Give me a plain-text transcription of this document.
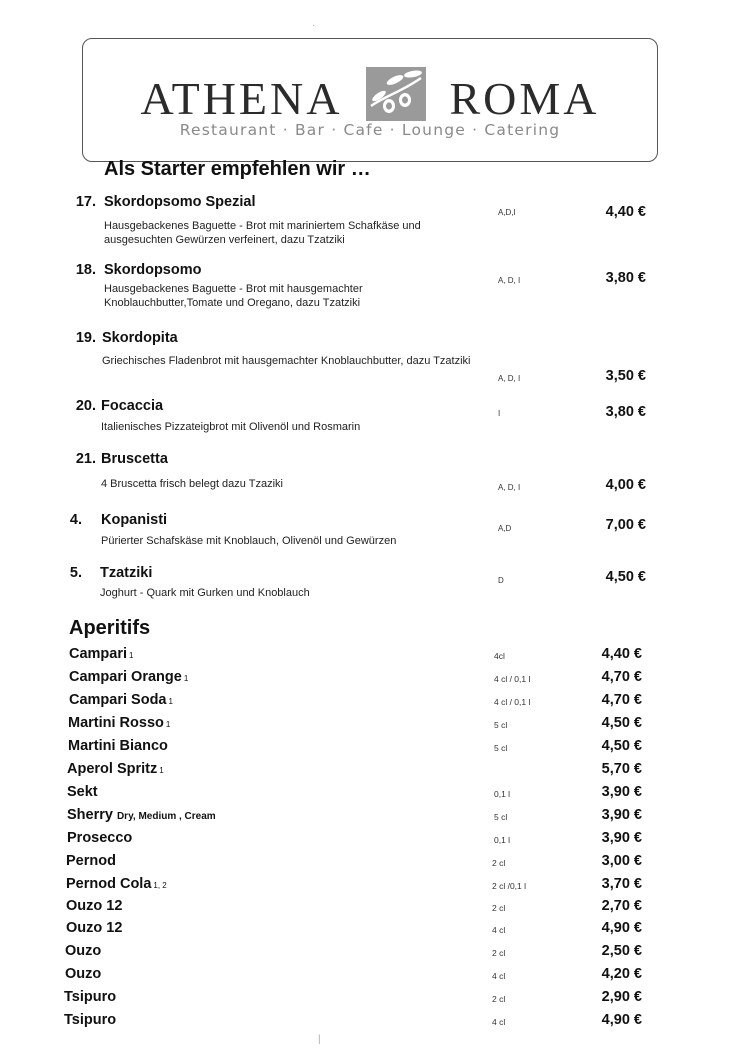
ATHENA ROMA
Restaurant · Bar · Cafe · Lounge · Catering
Als Starter empfehlen wir …
17. Skordopsomo Spezial
Hausgebackenes Baguette - Brot mit mariniertem Schafkäse und ausgesuchten Gewürzen verfeinert, dazu Tzatziki
A,D,I	4,40 €
18. Skordopsomo
Hausgebackenes Baguette - Brot mit hausgemachter Knoblauchbutter,Tomate und Oregano, dazu Tzatziki
A, D, I	3,80 €
19. Skordopita
Griechisches Fladenbrot mit hausgemachter Knoblauchbutter, dazu Tzatziki
A, D, I	3,50 €
20. Focaccia
Italienisches Pizzateigbrot mit Olivenöl und Rosmarin
I	3,80 €
21. Bruscetta
4 Bruscetta frisch belegt dazu Tzaziki	A, D, I	4,00 €
4. Kopanisti
Pürierter Schafskäse mit Knoblauch, Olivenöl und Gewürzen
A,D	7,00 €
5. Tzatziki
Joghurt - Quark mit Gurken und Knoblauch
D	4,50 €
Aperitifs
Campari 1	4cl	4,40 €
Campari Orange 1	4 cl / 0,1 l	4,70 €
Campari Soda 1	4 cl / 0,1 l	4,70 €
Martini Rosso 1	5 cl	4,50 €
Martini Bianco	5 cl	4,50 €
Aperol Spritz 1	5,70 €
Sekt	0,1 l	3,90 €
Sherry Dry, Medium , Cream	5 cl	3,90 €
Prosecco	0,1 l	3,90 €
Pernod	2 cl	3,00 €
Pernod Cola 1, 2	2 cl /0,1 l	3,70 €
Ouzo 12	2 cl	2,70 €
Ouzo 12	4 cl	4,90 €
Ouzo	2 cl	2,50 €
Ouzo	4 cl	4,20 €
Tsipuro	2 cl	2,90 €
Tsipuro	4 cl	4,90 €
·
|
